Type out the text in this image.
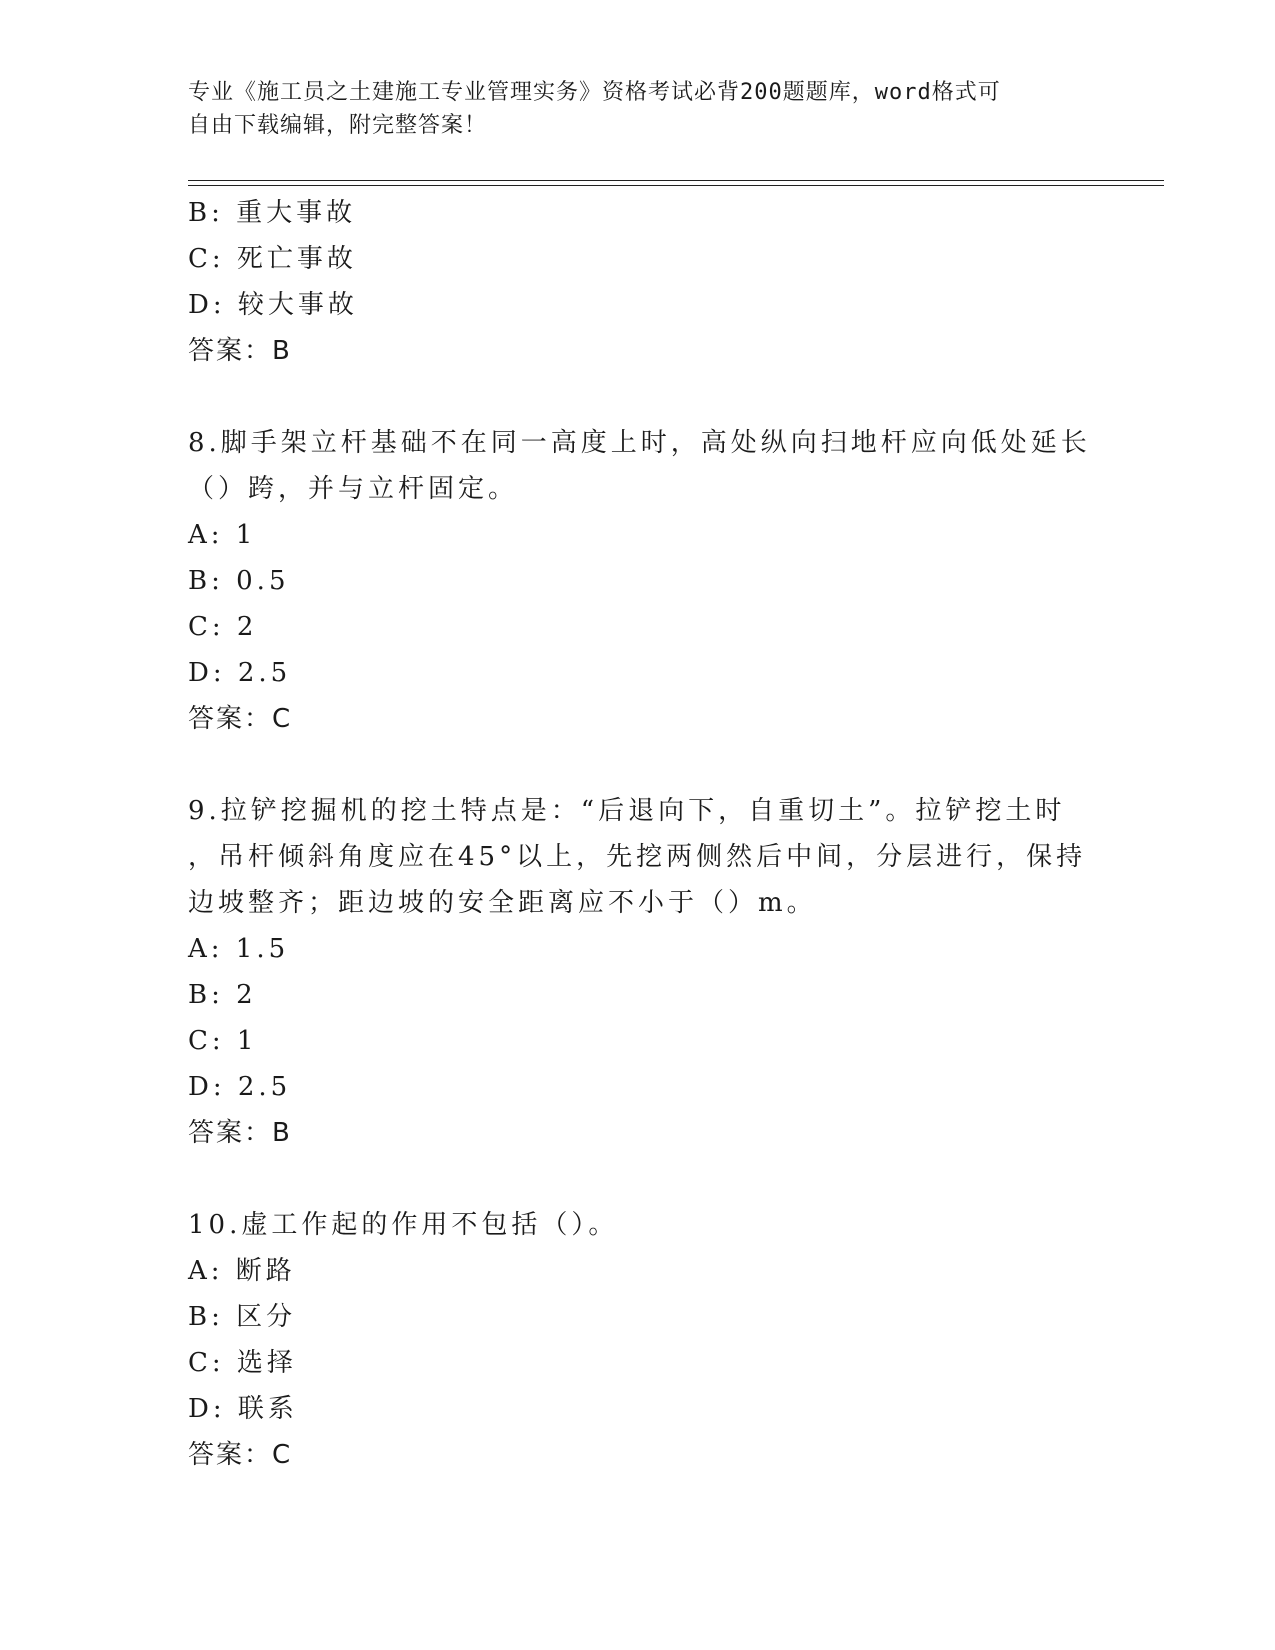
专业《施工员之土建施工专业管理实务》资格考试必背200题题库，word格式可
自由下载编辑，附完整答案！
B: 重大事故
C: 死亡事故
D: 较大事故
答案：B
8.脚手架立杆基础不在同一高度上时，高处纵向扫地杆应向低处延长
（）跨，并与立杆固定。
A: 1
B: 0.5
C: 2
D: 2.5
答案：C
9.拉铲挖掘机的挖土特点是：“后退向下，自重切土”。拉铲挖土时
，吊杆倾斜角度应在45°以上，先挖两侧然后中间，分层进行，保持
边坡整齐；距边坡的安全距离应不小于（）m。
A: 1.5
B: 2
C: 1
D: 2.5
答案：B
10.虚工作起的作用不包括（）。
A: 断路
B: 区分
C: 选择
D: 联系
答案：C
